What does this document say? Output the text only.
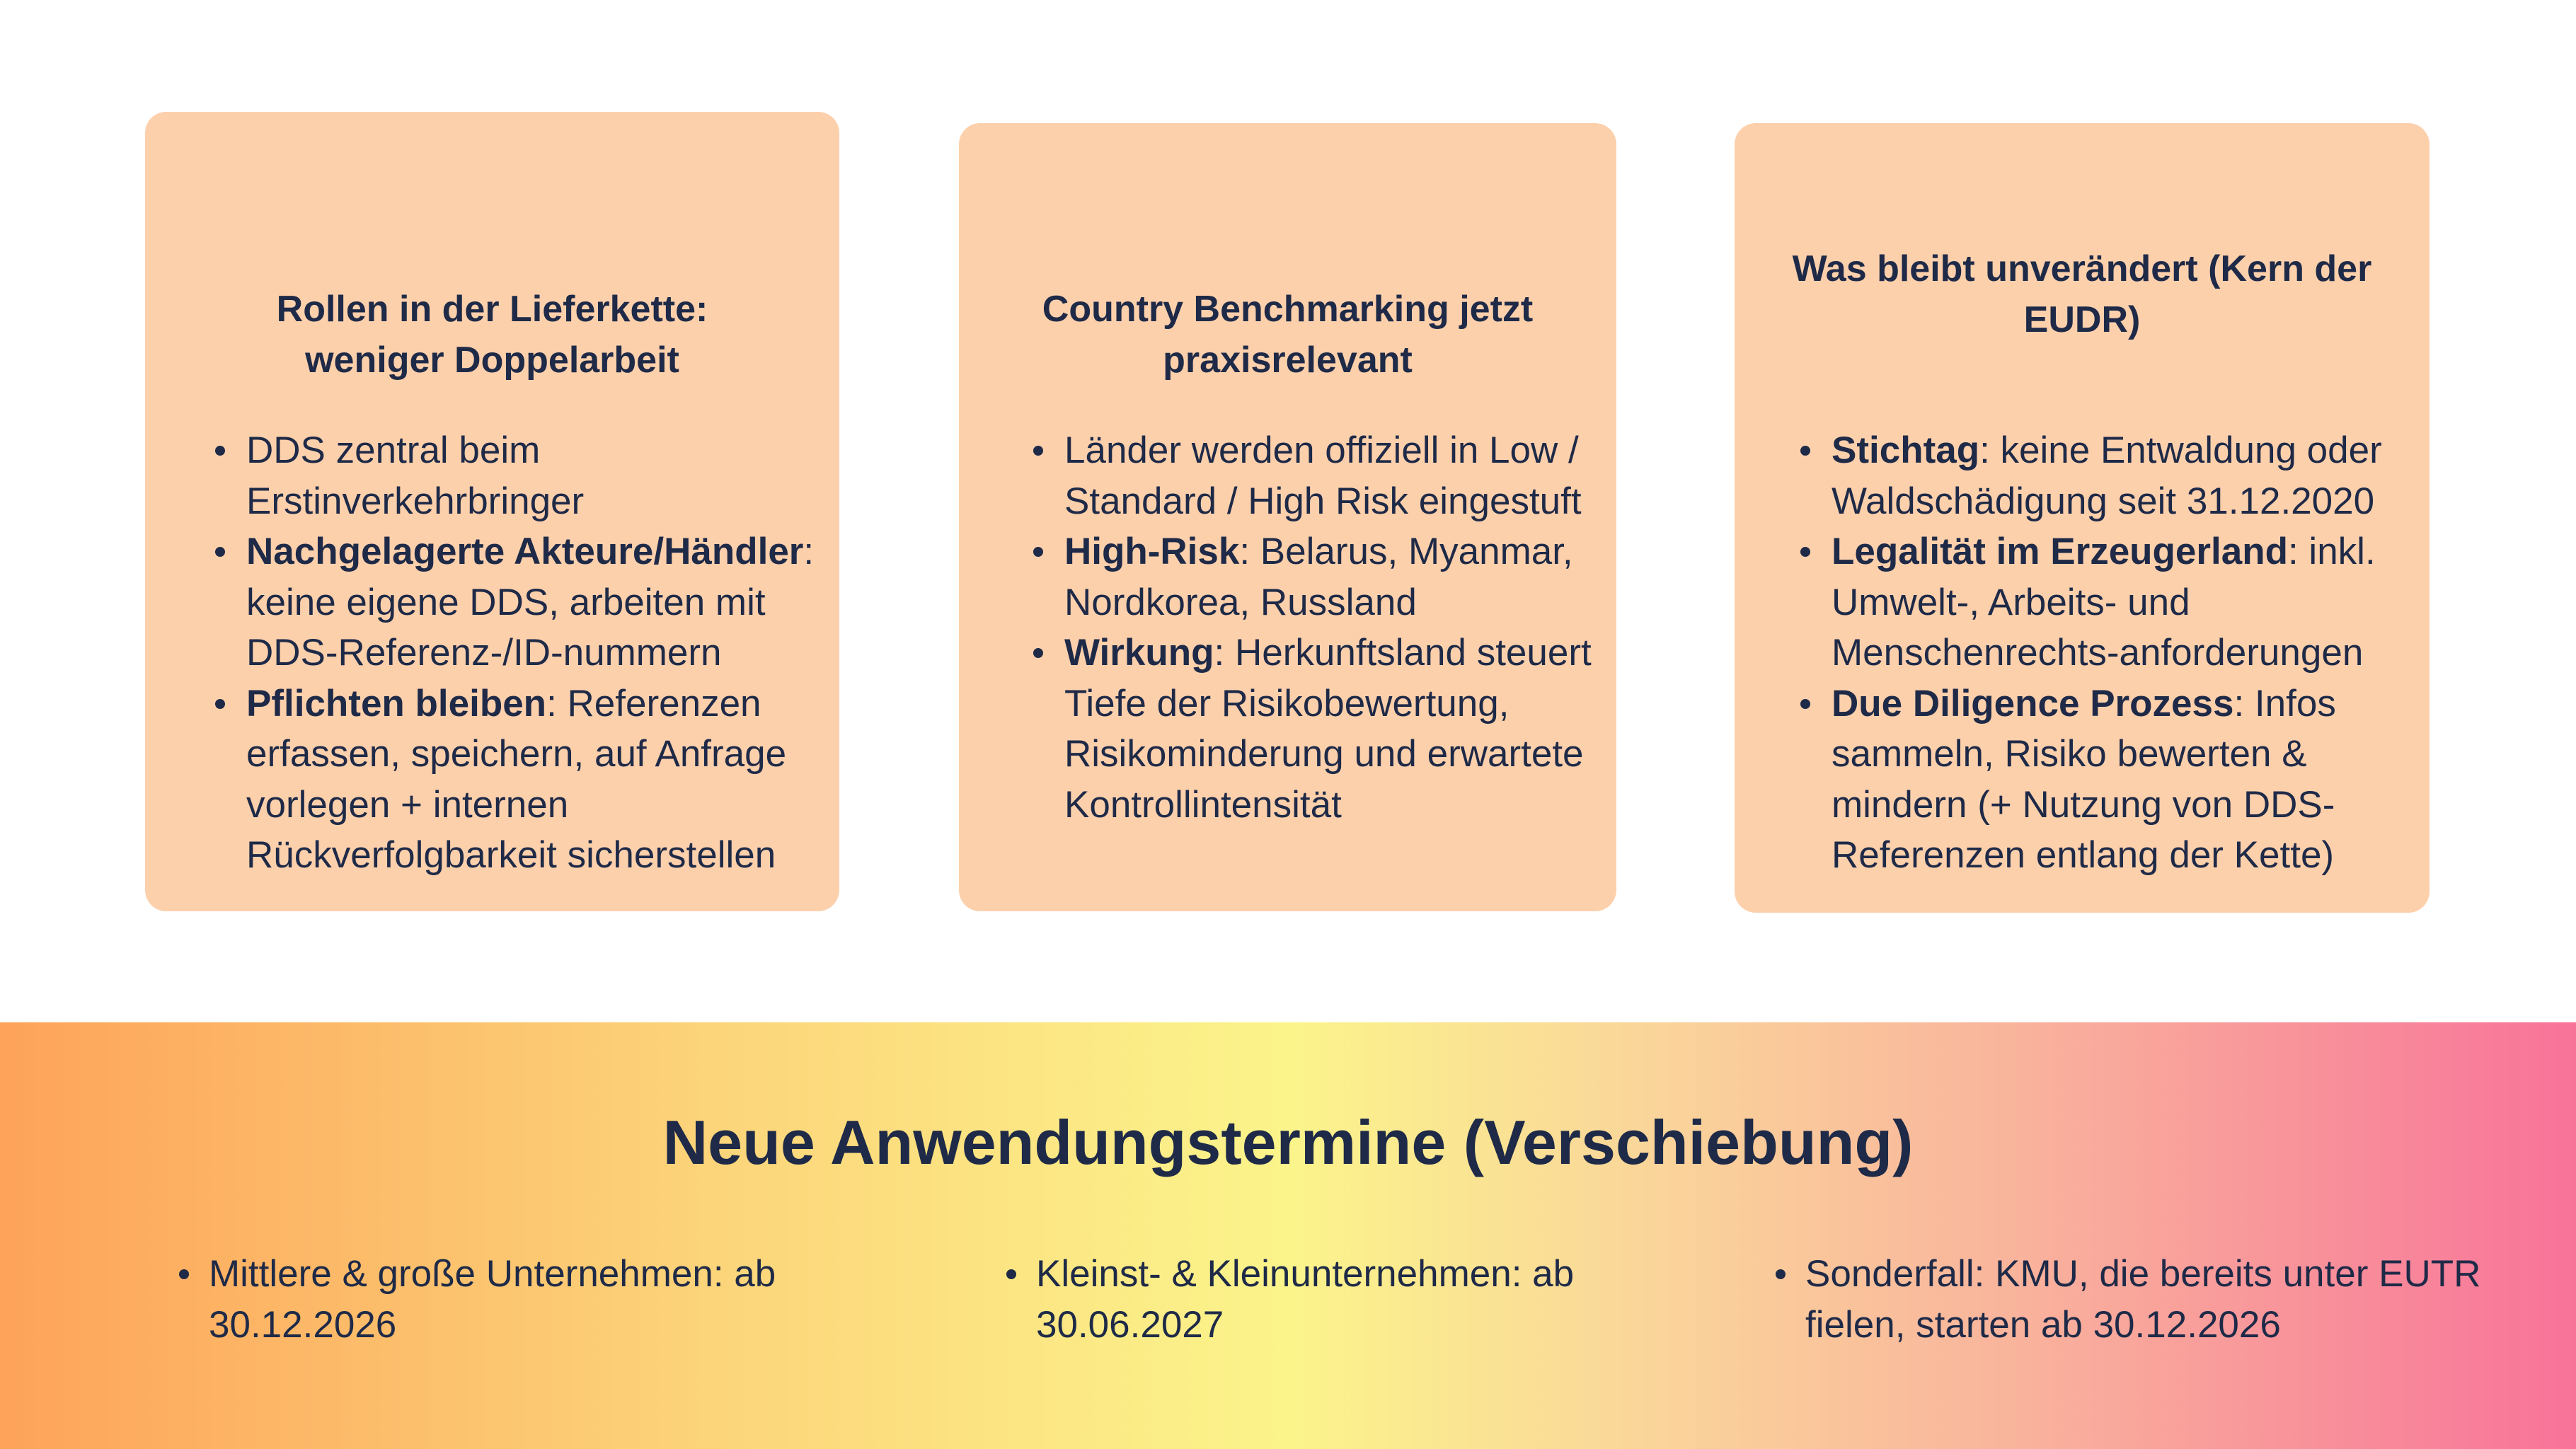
Rollen in der Lieferkette: weniger Doppelarbeit
DDS zentral beim Erstinverkehrbringer
Nachgelagerte Akteure/Händler: keine eigene DDS, arbeiten mit DDS-Referenz-/ID-nummern
Pflichten bleiben: Referenzen erfassen, speichern, auf Anfrage vorlegen + internen Rückverfolgbarkeit sicherstellen
Country Benchmarking jetzt praxisrelevant
Länder werden offiziell in Low / Standard / High Risk eingestuft
High-Risk: Belarus, Myanmar, Nordkorea, Russland
Wirkung: Herkunftsland steuert Tiefe der Risikobewertung, Risikominderung und erwartete Kontrollintensität
Was bleibt unverändert (Kern der EUDR)
Stichtag: keine Entwaldung oder Waldschädigung seit 31.12.2020
Legalität im Erzeugerland: inkl. Umwelt-, Arbeits- und Menschenrechts-anforderungen
Due Diligence Prozess: Infos sammeln, Risiko bewerten & mindern (+ Nutzung von DDS-Referenzen entlang der Kette)
Neue Anwendungstermine (Verschiebung)
Mittlere & große Unternehmen: ab 30.12.2026
Kleinst- & Kleinunternehmen: ab 30.06.2027
Sonderfall: KMU, die bereits unter EUTR fielen, starten ab 30.12.2026
